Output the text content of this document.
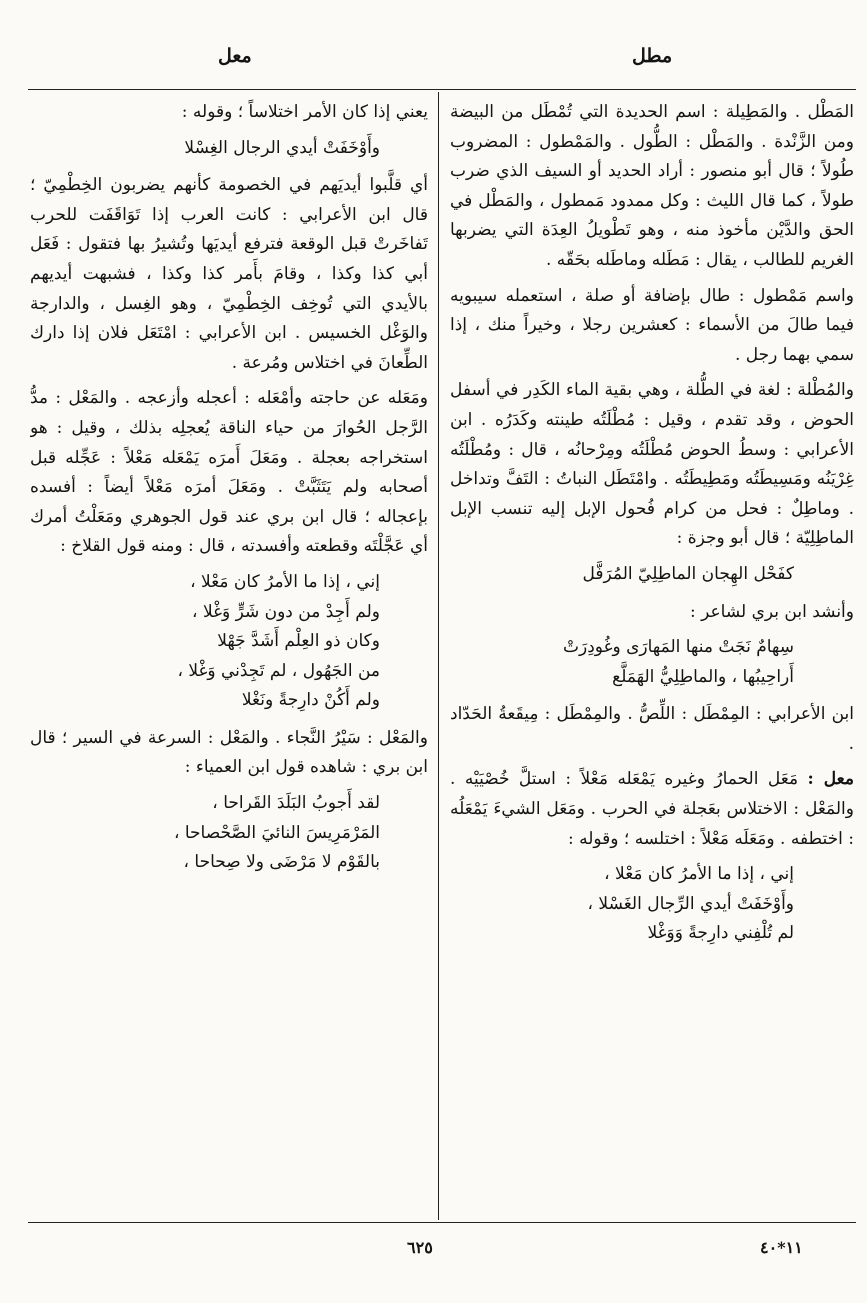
معل	مطل

المَطْل . والمَطِيلة : اسم الحديدة التي تُمْطَل من البيضة ومن الزَّنْدة . والمَطْل : الطُّول . والمَمْطول : المضروب طُولاً ؛ قال أبو منصور : أراد الحديد أو السيف الذي ضرب طولاً ، كما قال الليث : وكل ممدود مَمطول ، والمَطْل في الحق والدَّيْن مأخوذ منه ، وهو تَطْويلُ العِدَة التي يضربها الغريم للطالب ، يقال : مَطَله وماطَله بحَقّه .

واسم مَمْطول : طال بإضافة أو صلة ، استعمله سيبويه فيما طالَ من الأسماء : كعشرين رجلا ، وخيراً منك ، إذا سمي بهما رجل .

والمُطْلة : لغة في الطُّلة ، وهي بقية الماء الكَدِر في أسفل الحوض ، وقد تقدم ، وقيل : مُطْلَتُه طينته وكَدَرُه . ابن الأعرابي : وسطُ الحوض مُطْلَتُه ومِرْحانُه ، قال : ومُطْلَتُه غِرْيَنُه ومَسِيطَتُه ومَطِيطَتُه . وامْتَطَل النباتُ : التَفَّ وتداخل . وماطِلٌ : فحل من كرام فُحول الإبل إليه تنسب الإبل الماطِلِيّة ؛ قال أبو وجزة :

كفَحْل الهِجان الماطِلِيّ المُرَفَّل

وأنشد ابن بري لشاعر :

سِهامٌ نَجَتْ منها المَهارَى وغُودِرَتْ
أَراحِيبُها ، والماطِلِيُّ الهَمَلَّع

ابن الأعرابي : المِمْطَل : اللِّصُّ . والمِمْطَل : مِيقَعةُ الحَدّاد .

معل : مَعَل الحمارُ وغيره يَمْعَله مَعْلاً : استلَّ خُصْيَيْه . والمَعْل : الاختلاس بعَجلة في الحرب . ومَعَل الشيءَ يَمْعَلُه : اختطفه . ومَعَلَه مَعْلاً : اختلسه ؛ وقوله :

إني ، إذا ما الأمرُ كان مَعْلا ،
وأَوْخَفَتْ أيدي الرِّجال الغَسْلا ،
لم تُلْفِني دارِجةً وَوَغْلا

يعني إذا كان الأمر اختلاساً ؛ وقوله :

وأَوْخَفَتْ أيدي الرجال الغِسْلا

أي قلَّبوا أيديَهم في الخصومة كأنهم يضربون الخِطْمِيّ ؛ قال ابن الأعرابي : كانت العرب إذا تَوَاقَفَت للحرب تَفاخَرتْ قبل الوقعة فترفع أيديَها وتُشيرُ بها فتقول : فَعَل أبي كذا وكذا ، وقامَ بأَمر كذا وكذا ، فشبهت أيديهم بالأيدي التي تُوخِف الخِطْمِيّ ، وهو الغِسل ، والدارجة والوَغْل الخسيس . ابن الأعرابي : امْتَعَل فلان إذا دارك الطِّعانَ في اختلاس ومُرعة .

ومَعَله عن حاجته وأمْعَله : أعجله وأزعجه . والمَعْل : مدُّ الرَّجل الحُوارَ من حياء الناقة يُعجلِه بذلك ، وقيل : هو استخراجه بعجلة . ومَعَلَ أَمرَه يَمْعَله مَعْلاً : عَجِّله قبل أصحابه ولم يَتَثَبَّتْ . ومَعَلَ أمرَه مَعْلاً أيضاً : أفسده بإعجاله ؛ قال ابن بري عند قول الجوهري ومَعَلْتُ أمرك أي عَجَّلْتَه وقطعته وأفسدته ، قال : ومنه قول القلاخ :

إني ، إذا ما الأمرُ كان مَعْلا ،
ولم أَجِدْ من دون شَرٍّ وَغْلا ،
وكان ذو العِلْم أَشَدَّ جَهْلا
من الجَهُول ، لم تَجِدْني وَغْلا ،
ولم أَكُنْ دارِجةً ونَغْلا

والمَعْل : سَيْرُ النَّجاء . والمَعْل : السرعة في السير ؛ قال ابن بري : شاهده قول ابن العمياء :

لقد أَجوبُ البَلَدَ القَراحا ،
المَرْمَرِيسَ النائيَ الصَّحْصاحا ،
بالقَوْم لا مَرْضَى ولا صِحاحا ،
٦٢٥	١١*٤٠
